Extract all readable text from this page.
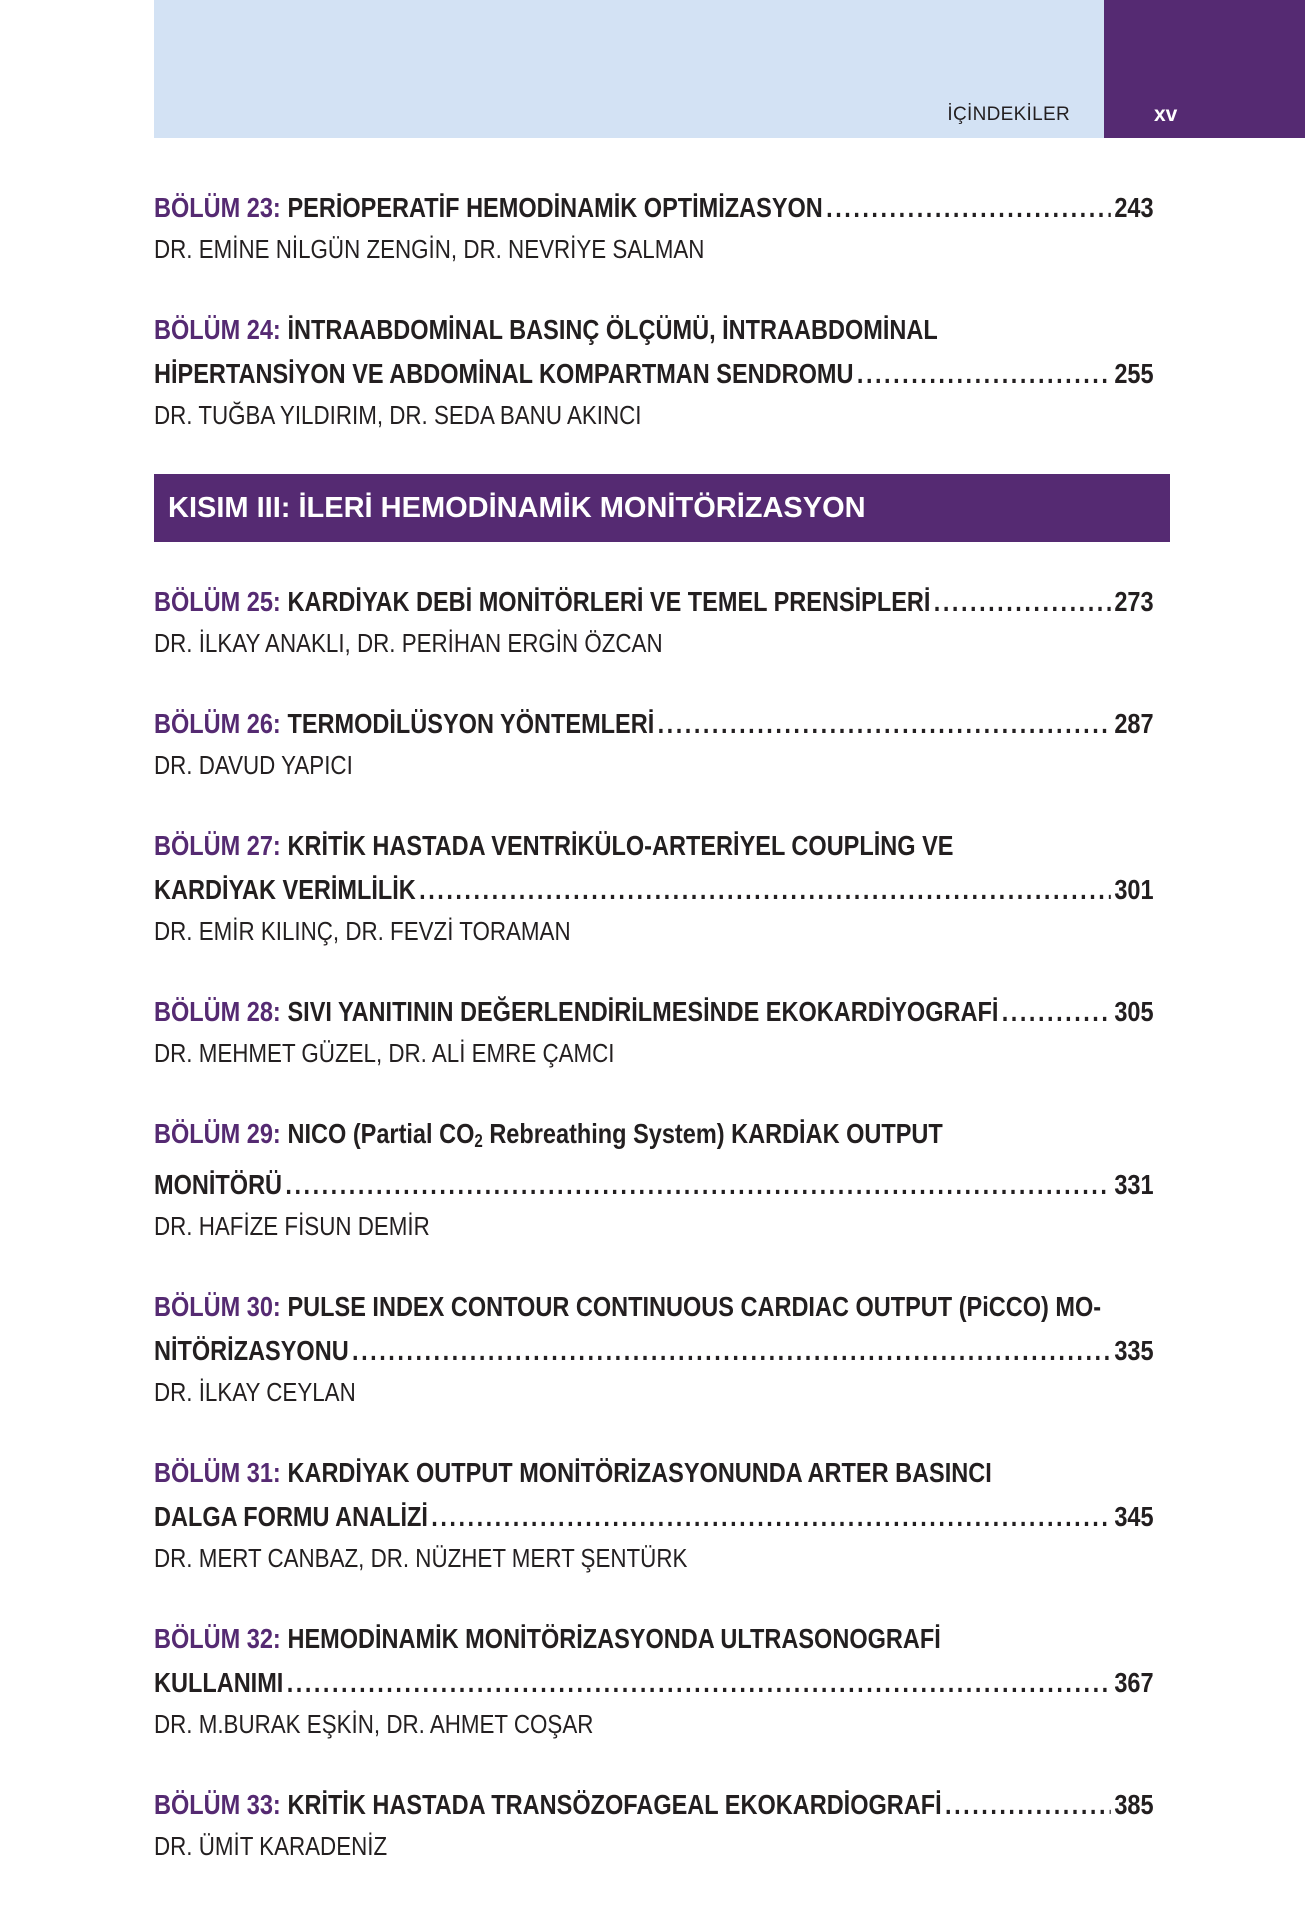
İÇİNDEKİLER	xv
BÖLÜM 23: PERİOPERATİF HEMODİNAMİK OPTİMİZASYON .....	243
DR. EMİNE NİLGÜN ZENGİN, DR. NEVRİYE SALMAN
BÖLÜM 24: İNTRAABDOMİNAL BASINÇ ÖLÇÜMÜ, İNTRAABDOMİNAL
HİPERTANSİYON VE ABDOMİNAL KOMPARTMAN SENDROMU .....	255
DR. TUĞBA YILDIRIM, DR. SEDA BANU AKINCI
KISIM III: İLERİ HEMODİNAMİK MONİTÖRİZASYON
BÖLÜM 25: KARDİYAK DEBİ MONİTÖRLERİ VE TEMEL PRENSİPLERİ .....	273
DR. İLKAY ANAKLI, DR. PERİHAN ERGİN ÖZCAN
BÖLÜM 26: TERMODİLÜSYON YÖNTEMLERİ .....	287
DR. DAVUD YAPICI
BÖLÜM 27: KRİTİK HASTADA VENTRİKÜLO-ARTERİYEL COUPLİNG VE
KARDİYAK VERİMLİLİK .....	301
DR. EMİR KILINÇ, DR. FEVZİ TORAMAN
BÖLÜM 28: SIVI YANITININ DEĞERLENDİRİLMESİNDE EKOKARDİYOGRAFİ .....	305
DR. MEHMET GÜZEL, DR. ALİ EMRE ÇAMCI
BÖLÜM 29: NICO (Partial $CO_2$ Rebreathing System) KARDİAK OUTPUT
MONİTÖRÜ .....	331
DR. HAFİZE FİSUN DEMİR
BÖLÜM 30: PULSE INDEX CONTOUR CONTINUOUS CARDIAC OUTPUT (PiCCO) MO-
NİTÖRİZASYONU .....	335
DR. İLKAY CEYLAN
BÖLÜM 31: KARDİYAK OUTPUT MONİTÖRİZASYONUNDA ARTER BASINCI
DALGA FORMU ANALİZİ .....	345
DR. MERT CANBAZ, DR. NÜZHET MERT ŞENTÜRK
BÖLÜM 32: HEMODİNAMİK MONİTÖRİZASYONDA ULTRASONOGRAFİ
KULLANIMI .....	367
DR. M.BURAK EŞKİN, DR. AHMET COŞAR
BÖLÜM 33: KRİTİK HASTADA TRANSÖZOFAGEAL EKOKARDİOGRAFİ .....	385
DR. ÜMİT KARADENİZ
